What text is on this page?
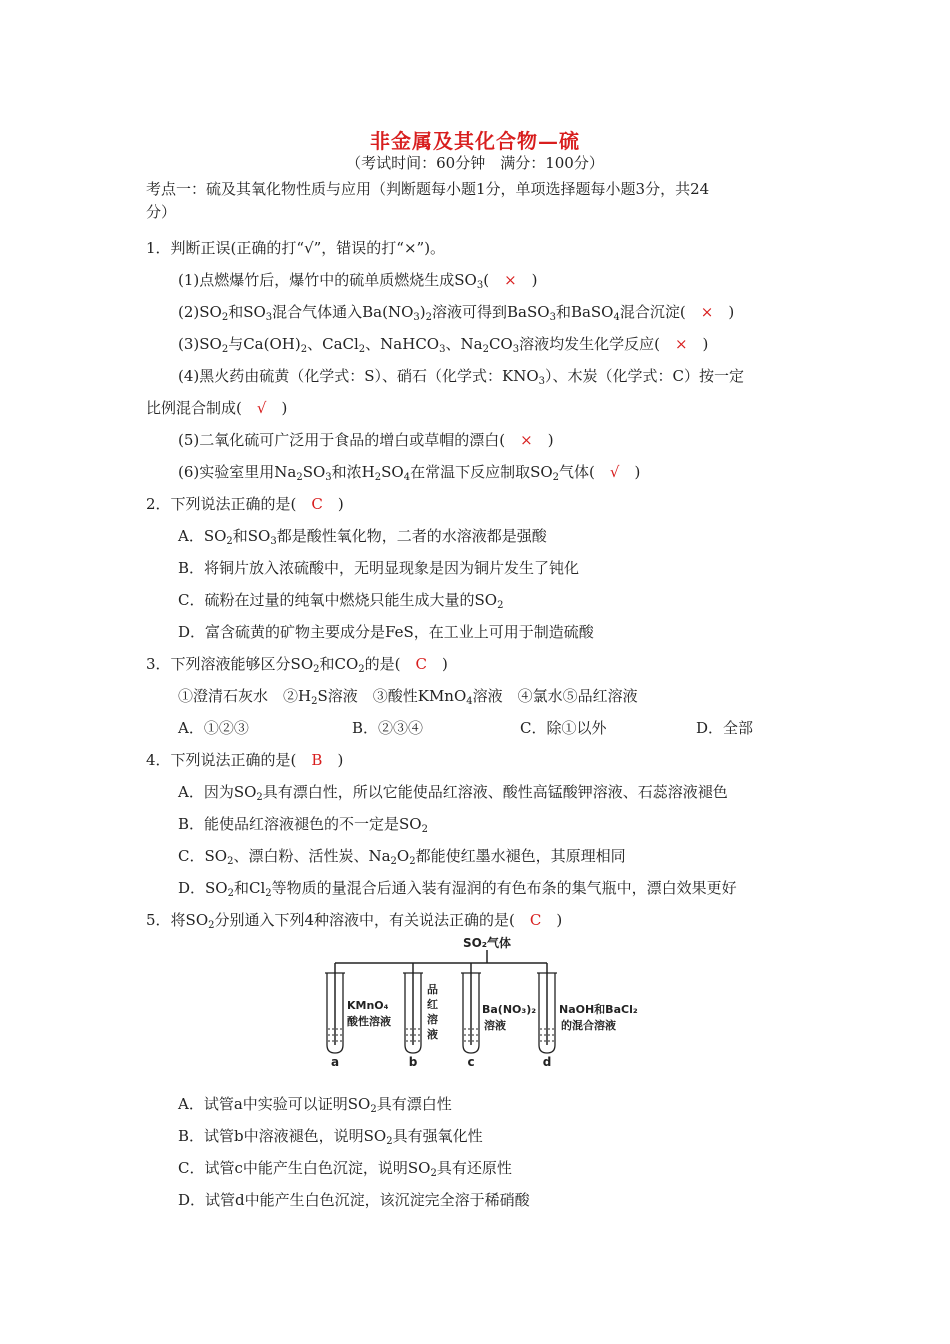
非金属及其化合物—硫
（考试时间：60分钟　满分：100分）
考点一：硫及其氧化物性质与应用（判断题每小题1分，单项选择题每小题3分，共24
分）
1．判断正误(正确的打“√”，错误的打“×”)。
(1)点燃爆竹后，爆竹中的硫单质燃烧生成$SO_3$(　×　)
$(2)SO_2$和$SO_3$混合气体通入$Ba(NO_3)_2$溶液可得到BaSO$_3$和BaSO$_4$混合沉淀(　 ×　)
$(3)SO_2$与$Ca(OH)_2$、CaCl$_2$、NaHCO$_3$、$Na_2CO_3$溶液均发生化学反应(　 ×　)
(4)黑火药由硫黄（化学式：S）、硝石（化学式：$KNO_3$）、木炭（化学式：C）按一定
比例混合制成(　 √　)
(5)二氧化硫可广泛用于食品的增白或草帽的漂白(　 ×　)
(6)实验室里用$Na_2SO_3$和浓$H_2SO_4$在常温下反应制取$SO_2$气体(　 √　)
2．下列说法正确的是(　 C　)
A．$SO_2$和$SO_3$都是酸性氧化物，二者的水溶液都是强酸
B．将铜片放入浓硫酸中，无明显现象是因为铜片发生了钝化
C．硫粉在过量的纯氧中燃烧只能生成大量的$SO_2$
D．富含硫黄的矿物主要成分是FeS，在工业上可用于制造硫酸
3．下列溶液能够区分$SO_2$和$CO_2$的是(　 C　)
①澄清石灰水　$②H_2S$溶液　③酸性KMnO$_4$溶液　④氯水⑤品红溶液
A．①②③	B．②③④	C．除①以外	D．全部
4．下列说法正确的是(　 B　)
A．因为$SO_2$具有漂白性，所以它能使品红溶液、酸性高锰酸钾溶液、石蕊溶液褪色
B．能使品红溶液褪色的不一定是$SO_2$
C．$SO_2$、漂白粉、活性炭、$Na_2O_2$都能使红墨水褪色，其原理相同
D．$SO_2$和$Cl_2$等物质的量混合后通入装有湿润的有色布条的集气瓶中，漂白效果更好
5．将$SO_2$分别通入下列4种溶液中，有关说法正确的是(　 C　)
SO₂气体
KMnO₄
酸性溶液
品
红
溶
液
Ba(NO₃)₂
溶液
NaOH和BaCl₂
的混合溶液
a	b	c	d
A．试管a中实验可以证明$SO_2$具有漂白性
B．试管b中溶液褪色，说明$SO_2$具有强氧化性
C．试管c中能产生白色沉淀，说明$SO_2$具有还原性
D．试管d中能产生白色沉淀，该沉淀完全溶于稀硝酸
